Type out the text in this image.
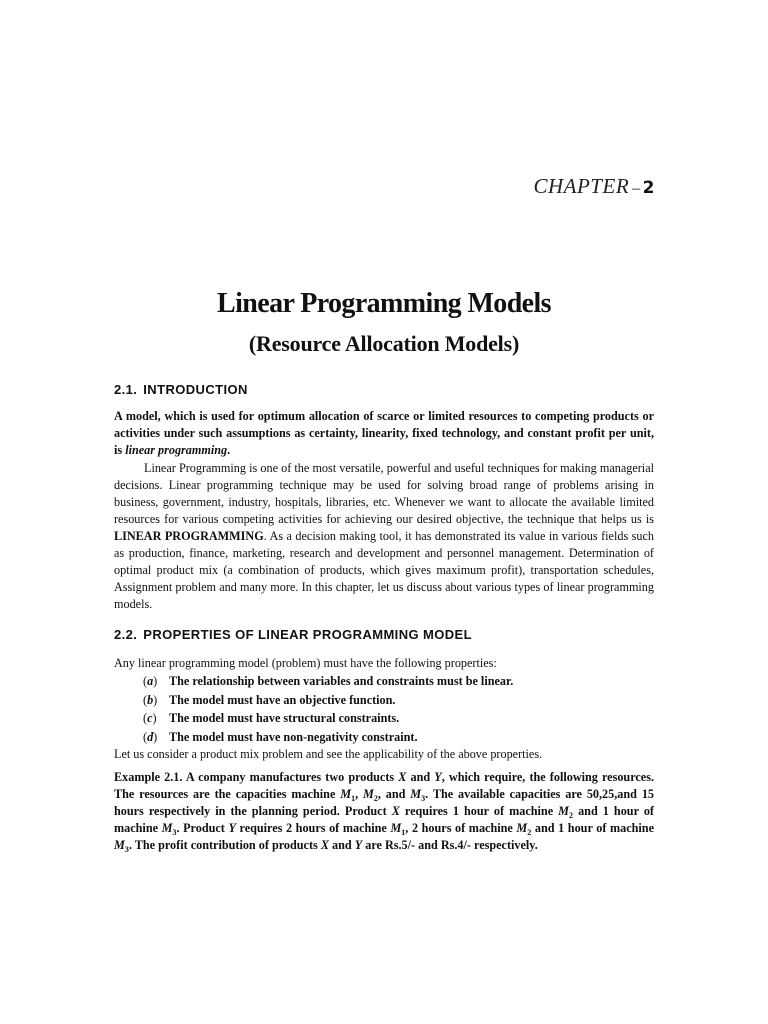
CHAPTER – 2
Linear Programming Models
(Resource Allocation Models)
2.1. INTRODUCTION
A model, which is used for optimum allocation of scarce or limited resources to competing products or activities under such assumptions as certainty, linearity, fixed technology, and constant profit per unit, is linear programming.
Linear Programming is one of the most versatile, powerful and useful techniques for making managerial decisions. Linear programming technique may be used for solving broad range of problems arising in business, government, industry, hospitals, libraries, etc. Whenever we want to allocate the available limited resources for various competing activities for achieving our desired objective, the technique that helps us is LINEAR PROGRAMMING. As a decision making tool, it has demonstrated its value in various fields such as production, finance, marketing, research and development and personnel management. Determination of optimal product mix (a combination of products, which gives maximum profit), transportation schedules, Assignment problem and many more. In this chapter, let us discuss about various types of linear programming models.
2.2. PROPERTIES OF LINEAR PROGRAMMING MODEL
Any linear programming model (problem) must have the following properties:
(a) The relationship between variables and constraints must be linear.
(b) The model must have an objective function.
(c) The model must have structural constraints.
(d) The model must have non-negativity constraint.
Let us consider a product mix problem and see the applicability of the above properties.
Example 2.1. A company manufactures two products X and Y, which require, the following resources. The resources are the capacities machine $M_1$, $M_2$, and $M_3$. The available capacities are 50,25,and 15 hours respectively in the planning period. Product X requires 1 hour of machine $M_2$ and 1 hour of machine $M_3$. Product Y requires 2 hours of machine $M_1$, 2 hours of machine $M_2$ and 1 hour of machine $M_3$. The profit contribution of products X and Y are Rs.5/- and Rs.4/- respectively.
